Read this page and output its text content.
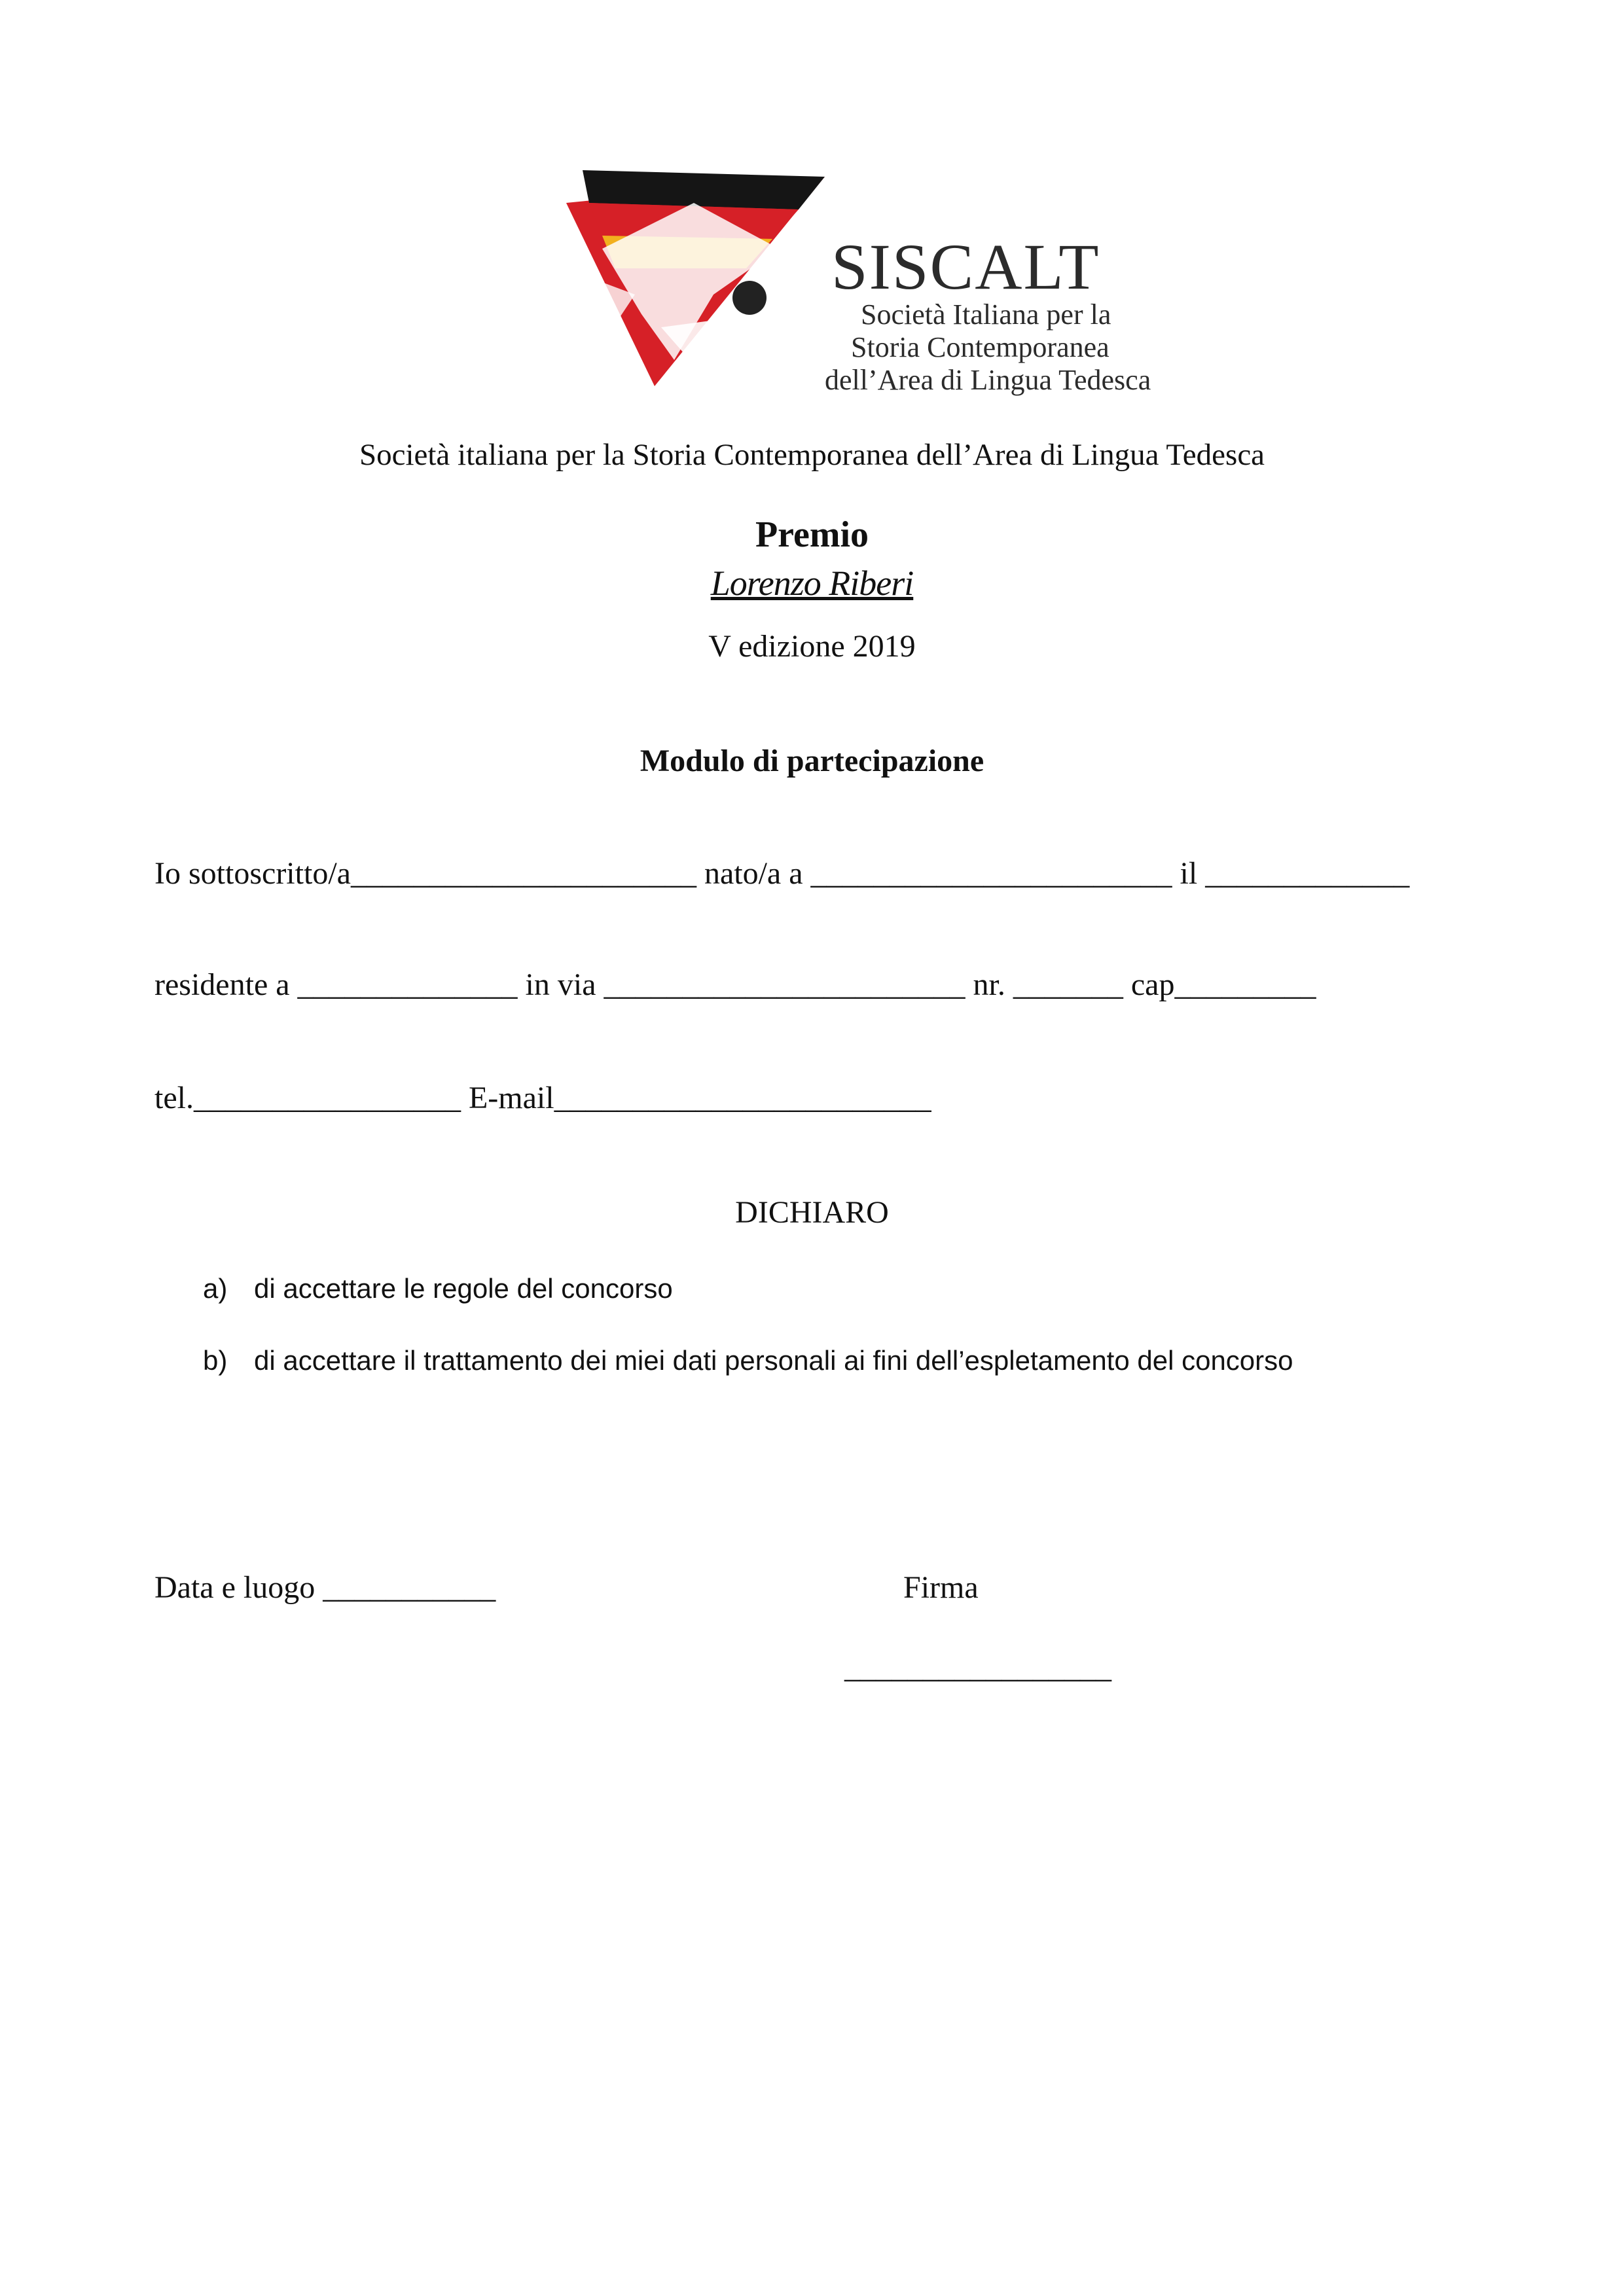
SISCALT
Società Italiana per la
Storia Contemporanea
dell’Area di Lingua Tedesca
Società italiana per la Storia Contemporanea dell’Area di Lingua Tedesca
Premio
Lorenzo Riberi
V edizione 2019
Modulo di partecipazione
Io sottoscritto/a______________________ nato/a a _______________________ il _____________
residente a ______________ in via _______________________ nr. _______ cap_________
tel._________________ E-mail________________________
DICHIARO
a) di accettare le regole del concorso
b) di accettare il trattamento dei miei dati personali ai fini dell’espletamento del concorso
Data e luogo ___________	Firma
_________________
